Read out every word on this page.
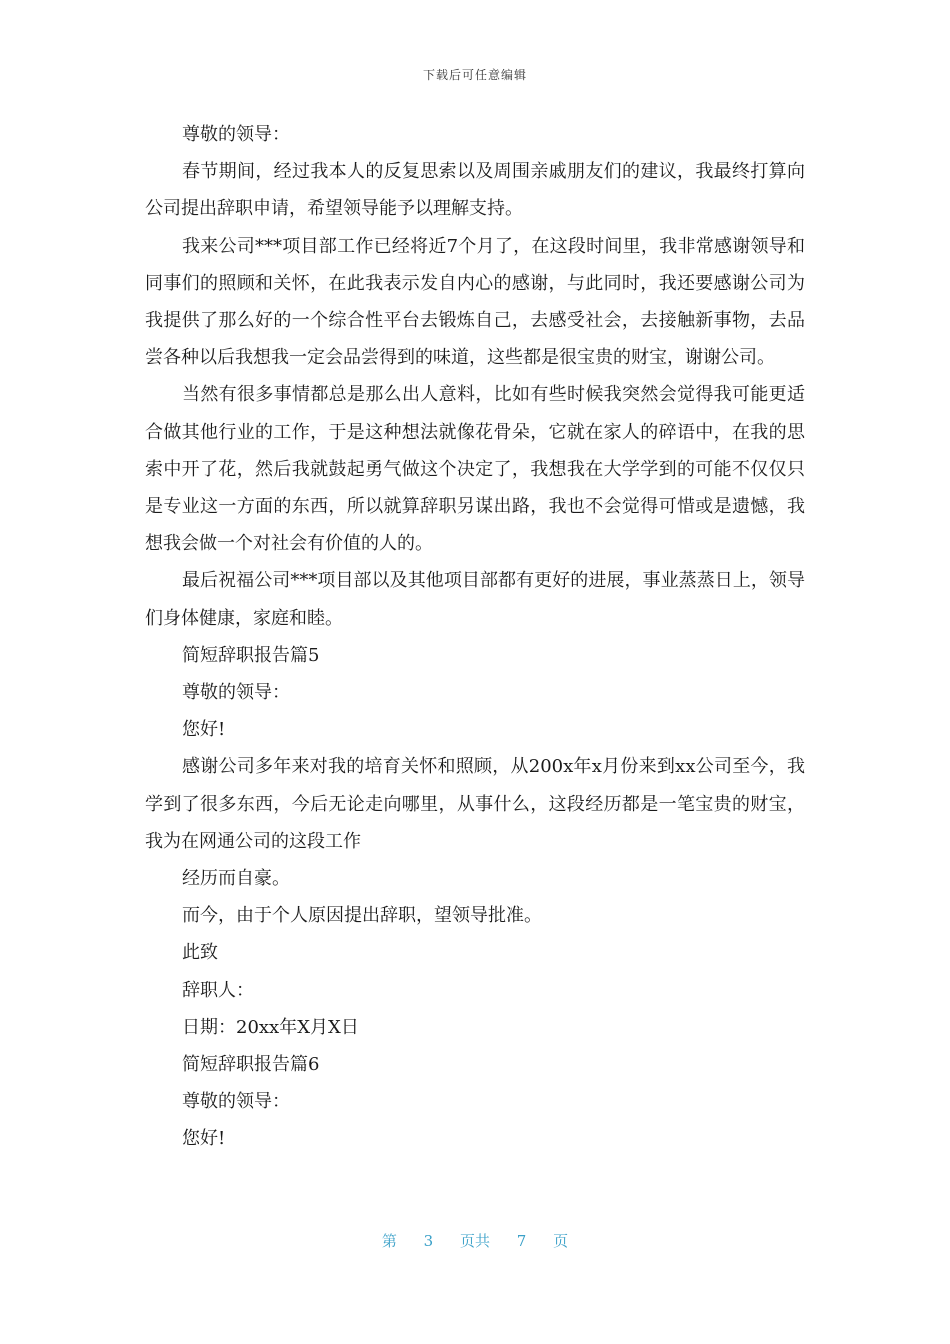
下载后可任意编辑

尊敬的领导：

春节期间，经过我本人的反复思索以及周围亲戚朋友们的建议，我最终打算向公司提出辞职申请，希望领导能予以理解支持。

我来公司***项目部工作已经将近7个月了，在这段时间里，我非常感谢领导和同事们的照顾和关怀，在此我表示发自内心的感谢，与此同时，我还要感谢公司为我提供了那么好的一个综合性平台去锻炼自己，去感受社会，去接触新事物，去品尝各种以后我想我一定会品尝得到的味道，这些都是很宝贵的财宝，谢谢公司。

当然有很多事情都总是那么出人意料，比如有些时候我突然会觉得我可能更适合做其他行业的工作，于是这种想法就像花骨朵，它就在家人的碎语中，在我的思索中开了花，然后我就鼓起勇气做这个决定了，我想我在大学学到的可能不仅仅只是专业这一方面的东西，所以就算辞职另谋出路，我也不会觉得可惜或是遗憾，我想我会做一个对社会有价值的人的。

最后祝福公司***项目部以及其他项目部都有更好的进展，事业蒸蒸日上，领导们身体健康，家庭和睦。

简短辞职报告篇5

尊敬的领导：

您好!

感谢公司多年来对我的培育关怀和照顾，从200x年x月份来到xx公司至今，我学到了很多东西，今后无论走向哪里，从事什么，这段经历都是一笔宝贵的财宝，我为在网通公司的这段工作

经历而自豪。

而今，由于个人原因提出辞职，望领导批准。

此致

辞职人：

日期：20xx年X月X日

简短辞职报告篇6

尊敬的领导：

您好!

第 3 页共 7 页
